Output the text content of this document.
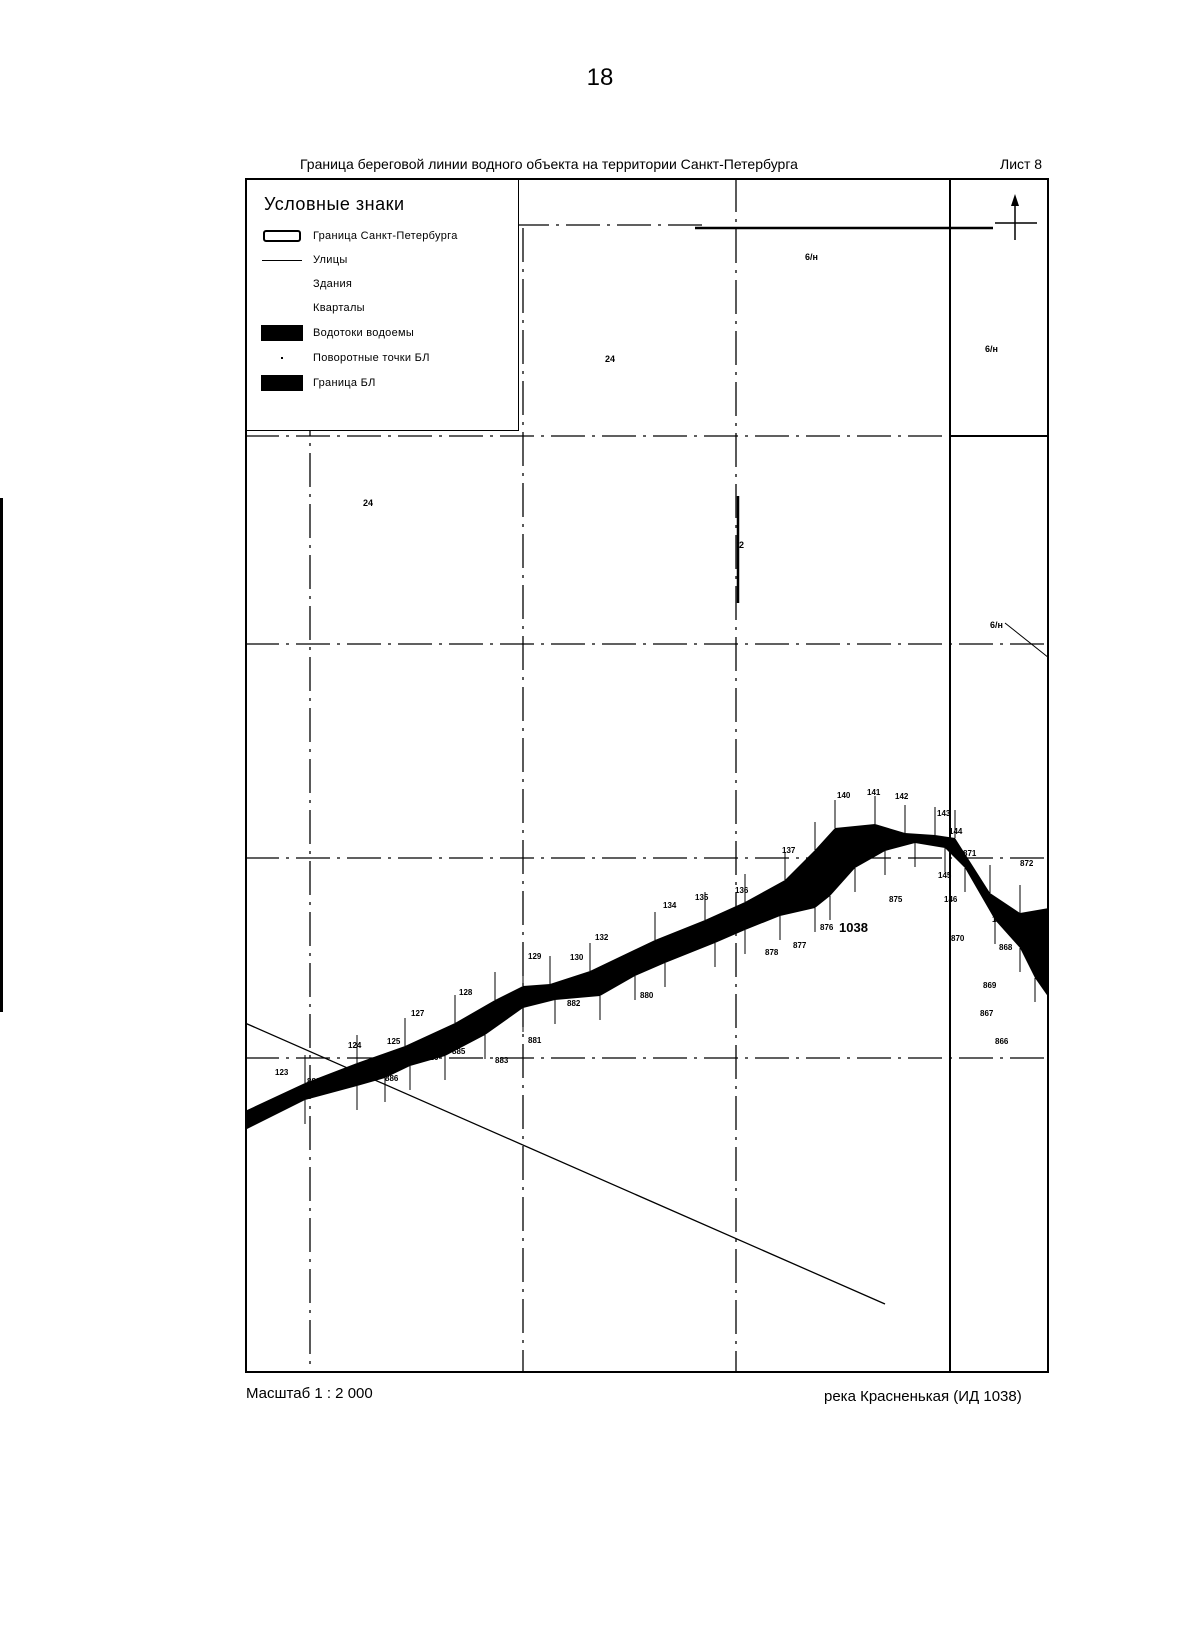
18
Граница береговой линии водного объекта на территории Санкт-Петербурга	Лист 8
24
24
6/н
6/н
6/н
2
1038
123
882
124	125
886
126
885
127
128
884
883
881
129	130
882
131
880
132
133
134
135
136
879
137
878
877
138
139
876
140 141 142
873
874
143
144
875
871
145
872
146
870
148
868 147
869
867
866
Условные знаки
Граница Санкт-Петербурга
Улицы
Здания
Кварталы
Водотоки водоемы
Поворотные точки БЛ
Граница БЛ
Масштаб 1 : 2 000	река Красненькая (ИД 1038)
